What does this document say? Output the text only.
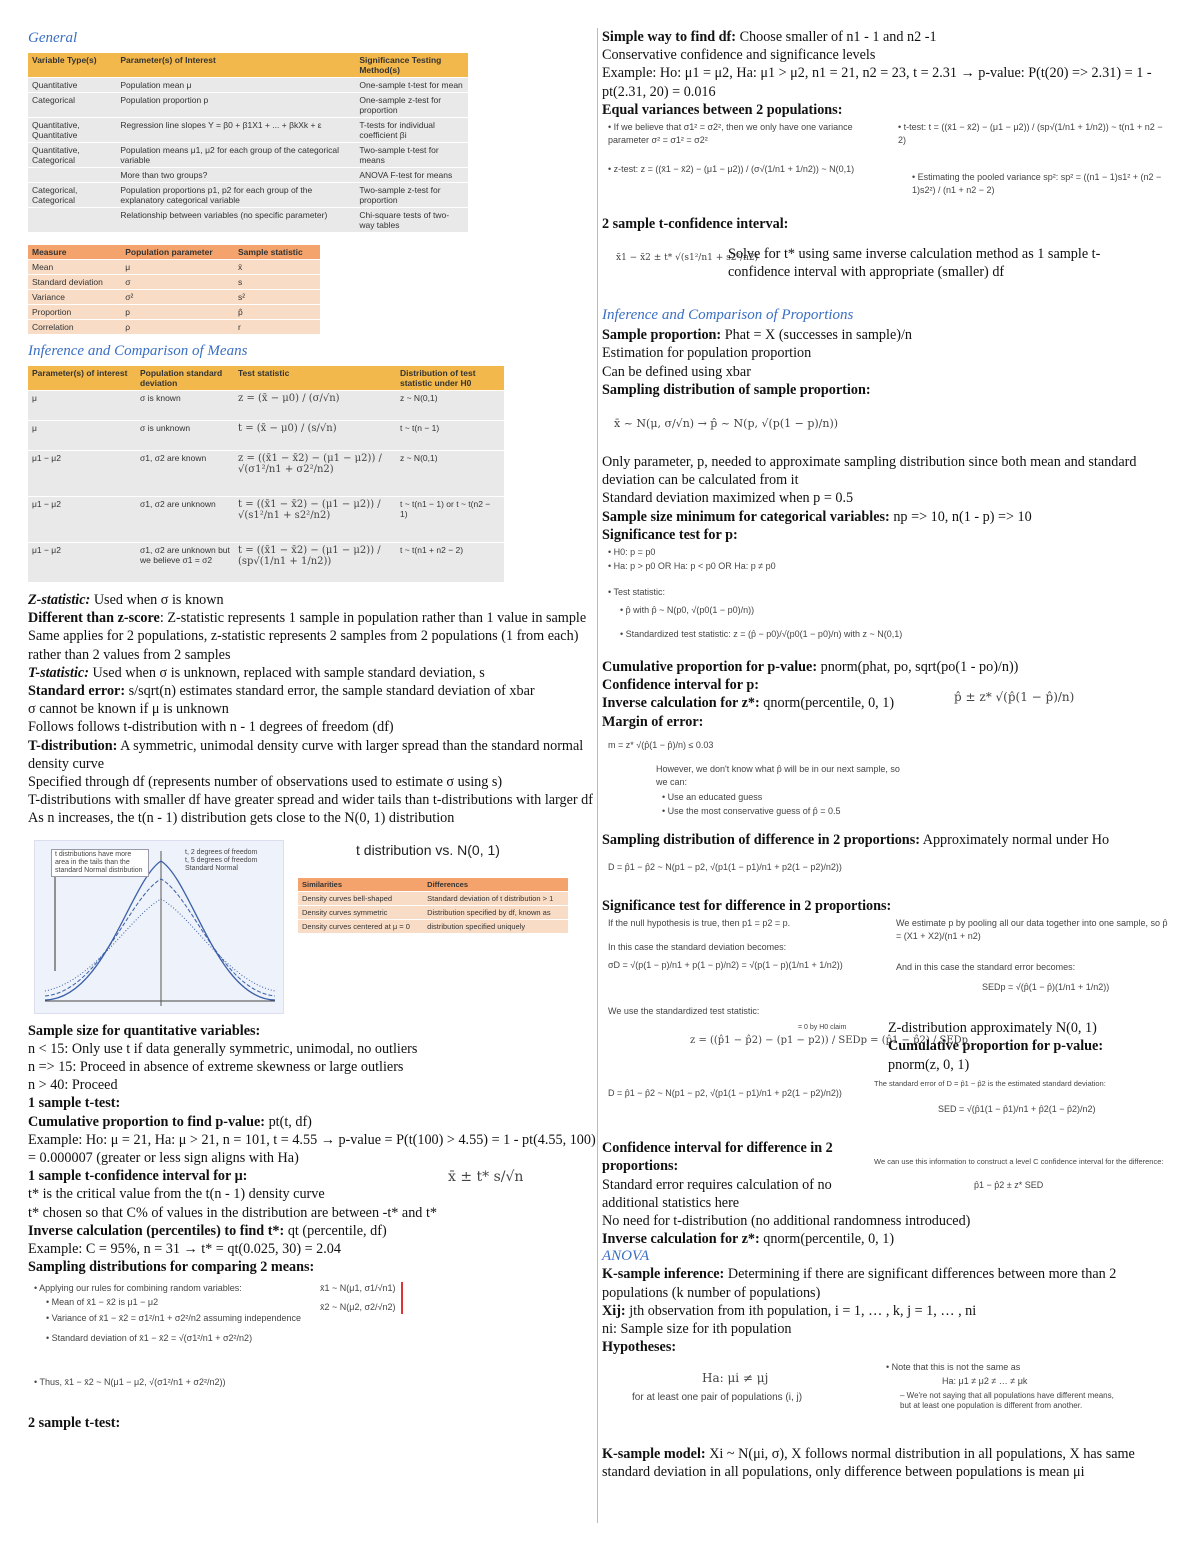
General
Variable Type(s)	Parameter(s) of Interest	Significance Testing Method(s)
Quantitative	Population mean μ	One-sample t-test for mean
Categorical	Population proportion p	One-sample z-test for proportion
Quantitative, Quantitative	Regression line slopes Y = β0 + β1X1 + ... + βkXk + ε	T-tests for individual coefficient βi
Quantitative, Categorical	Population means μ1, μ2 for each group of the categorical variable	Two-sample t-test for means
	More than two groups?	ANOVA F-test for means
Categorical, Categorical	Population proportions p1, p2 for each group of the explanatory categorical variable	Two-sample z-test for proportion
	Relationship between variables (no specific parameter)	Chi-square tests of two-way tables
Measure	Population parameter	Sample statistic
Mean	μ	x̄
Standard deviation	σ	s
Variance	σ²	s²
Proportion	p	p̂
Correlation	ρ	r
Inference and Comparison of Means
Parameter(s) of interest	Population standard deviation	Test statistic	Distribution of test statistic under H0
μ	σ is known	z = (x̄ − μ0) / (σ/√n)	z ~ N(0,1)
μ	σ is unknown	t = (x̄ − μ0) / (s/√n)	t ~ t(n − 1)
μ1 − μ2	σ1, σ2 are known	z = ((x̄1 − x̄2) − (μ1 − μ2)) / √(σ1²/n1 + σ2²/n2)	z ~ N(0,1)
μ1 − μ2	σ1, σ2 are unknown	t = ((x̄1 − x̄2) − (μ1 − μ2)) / √(s1²/n1 + s2²/n2)	t ~ t(n1 − 1) or t ~ t(n2 − 1)
μ1 − μ2	σ1, σ2 are unknown but we believe σ1 = σ2	t = ((x̄1 − x̄2) − (μ1 − μ2)) / (sp√(1/n1 + 1/n2))	t ~ t(n1 + n2 − 2)

Z-statistic: Used when σ is known

Different than z-score: Z-statistic represents 1 sample in population rather than 1 value in sample

Same applies for 2 populations, z-statistic represents 2 samples from 2 populations (1 from each) rather than 2 values from 2 samples

T-statistic: Used when σ is unknown, replaced with sample standard deviation, s

Standard error: s/sqrt(n) estimates standard error, the sample standard deviation of xbar

σ cannot be known if μ is unknown

Follows follows t-distribution with n - 1 degrees of freedom (df)

T-distribution: A symmetric, unimodal density curve with larger spread than the standard normal density curve

Specified through df (represents number of observations used to estimate σ using s)

T-distributions with smaller df have greater spread and wider tails than t-distributions with larger df

As n increases, the t(n - 1) distribution gets close to the N(0, 1) distribution

t distributions have more area in the tails than the standard Normal distribution
t, 2 degrees of freedom
t, 5 degrees of freedom
Standard Normal
t distribution vs. N(0, 1)
Similarities	Differences
Density curves bell-shaped	Standard deviation of t distribution > 1
Density curves symmetric	Distribution specified by df, known as
Density curves centered at μ = 0	distribution specified uniquely

Sample size for quantitative variables:

n < 15: Only use t if data generally symmetric, unimodal, no outliers

n => 15: Proceed in absence of extreme skewness or large outliers

n > 40: Proceed

1 sample t-test:

Cumulative proportion to find p-value: pt(t, df)

Example: Ho: μ = 21, Ha: μ > 21, n = 101, t = 4.55 → p-value = P(t(100) > 4.55) = 1 - pt(4.55, 100) = 0.000007 (greater or less sign aligns with Ha)

1 sample t-confidence interval for μ:	x̄ ± t* s/√n

t* is the critical value from the t(n - 1) density curve

t* chosen so that C% of values in the distribution are between -t* and t*

Inverse calculation (percentiles) to find t*: qt (percentile, df)

Example: C = 95%, n = 31 → t* = qt(0.025, 30) = 2.04

Sampling distributions for comparing 2 means:

• Applying our rules for combining random variables:
• Mean of x̄1 − x̄2 is μ1 − μ2
• Variance of x̄1 − x̄2 = σ1²/n1 + σ2²/n2 assuming independence
• Standard deviation of x̄1 − x̄2 = √(σ1²/n1 + σ2²/n2)
• Thus, x̄1 − x̄2 ~ N(μ1 − μ2, √(σ1²/n1 + σ2²/n2))
x̄1 ~ N(μ1, σ1/√n1)
x̄2 ~ N(μ2, σ2/√n2)

2 sample t-test:

Simple way to find df: Choose smaller of n1 - 1 and n2 -1

Conservative confidence and significance levels

Example: Ho: μ1 = μ2, Ha: μ1 > μ2, n1 = 21, n2 = 23, t = 2.31 → p-value: P(t(20) => 2.31) = 1 - pt(2.31, 20) = 0.016

Equal variances between 2 populations:

• If we believe that σ1² = σ2², then we only have one variance parameter σ² = σ1² = σ2²
• t-test: t = ((x̄1 − x̄2) − (μ1 − μ2)) / (sp√(1/n1 + 1/n2)) ~ t(n1 + n2 − 2)
• z-test: z = ((x̄1 − x̄2) − (μ1 − μ2)) / (σ√(1/n1 + 1/n2)) ~ N(0,1)
• Estimating the pooled variance sp²: sp² = ((n1 − 1)s1² + (n2 − 1)s2²) / (n1 + n2 − 2)

2 sample t-confidence interval:

x̄1 − x̄2 ± t* √(s1²/n1 + s2²/n2)

Solve for t* using same inverse calculation method as 1 sample t-confidence interval with appropriate (smaller) df

Inference and Comparison of Proportions

Sample proportion: Phat = X (successes in sample)/n

Estimation for population proportion

Can be defined using xbar

Sampling distribution of sample proportion:

x̄ ~ N(μ, σ/√n) → p̂ ~ N(p, √(p(1 − p)/n))

Only parameter, p, needed to approximate sampling distribution since both mean and standard deviation can be calculated from it

Standard deviation maximized when p = 0.5

Sample size minimum for categorical variables: np => 10, n(1 - p) => 10

Significance test for p:

• H0: p = p0
• Ha: p > p0 OR Ha: p < p0 OR Ha: p ≠ p0
• Test statistic:
• p̂ with p̂ ~ N(p0, √(p0(1 − p0)/n))
• Standardized test statistic: z = (p̂ − p0)/√(p0(1 − p0)/n) with z ~ N(0,1)

Cumulative proportion for p-value: pnorm(phat, po, sqrt(po(1 - po)/n))

Confidence interval for p:

Inverse calculation for z*: qnorm(percentile, 0, 1)

Margin of error:

p̂ ± z* √(p̂(1 − p̂)/n)
m = z* √(p̂(1 − p̂)/n) ≤ 0.03
However, we don't know what p̂ will be in our next sample, so we can:
• Use an educated guess
• Use the most conservative guess of p̂ = 0.5

Sampling distribution of difference in 2 proportions: Approximately normal under Ho

D = p̂1 − p̂2 ~ N(p1 − p2, √(p1(1 − p1)/n1 + p2(1 − p2)/n2))

Significance test for difference in 2 proportions:

If the null hypothesis is true, then p1 = p2 = p.	We estimate p by pooling all our data together into one sample, so p̂ = (X1 + X2)/(n1 + n2)
In this case the standard deviation becomes:
σD = √(p(1 − p)/n1 + p(1 − p)/n2) = √(p(1 − p)(1/n1 + 1/n2))	And in this case the standard error becomes:
SEDp = √(p̂(1 − p̂)(1/n1 + 1/n2))
We use the standardized test statistic:
= 0 by H0 claim
z = ((p̂1 − p̂2) − (p1 − p2)) / SEDp = (p̂1 − p̂2) / SEDp

Z-distribution approximately N(0, 1)

Cumulative proportion for p-value:

pnorm(z, 0, 1)

D = p̂1 − p̂2 ~ N(p1 − p2, √(p1(1 − p1)/n1 + p2(1 − p2)/n2))
The standard error of D = p̂1 − p̂2 is the estimated standard deviation:
SED = √(p̂1(1 − p̂1)/n1 + p̂2(1 − p̂2)/n2)

Confidence interval for difference in 2 proportions:

Standard error requires calculation of no additional statistics here

We can use this information to construct a level C confidence interval for the difference:
p̂1 − p̂2 ± z* SED

No need for t-distribution (no additional randomness introduced)

Inverse calculation for z*: qnorm(percentile, 0, 1)

ANOVA

K-sample inference: Determining if there are significant differences between more than 2 populations (k number of populations)

Xij: jth observation from ith population, i = 1, … , k, j = 1, … , ni

ni: Sample size for ith population

Hypotheses:

Ha: μi ≠ μj
for at least one pair of populations (i, j)
• Note that this is not the same as
Ha: μ1 ≠ μ2 ≠ … ≠ μk
– We're not saying that all populations have different means, but at least one population is different from another.

K-sample model: Xi ~ N(μi, σ), X follows normal distribution in all populations, X has same standard deviation in all populations, only difference between populations is mean μi
